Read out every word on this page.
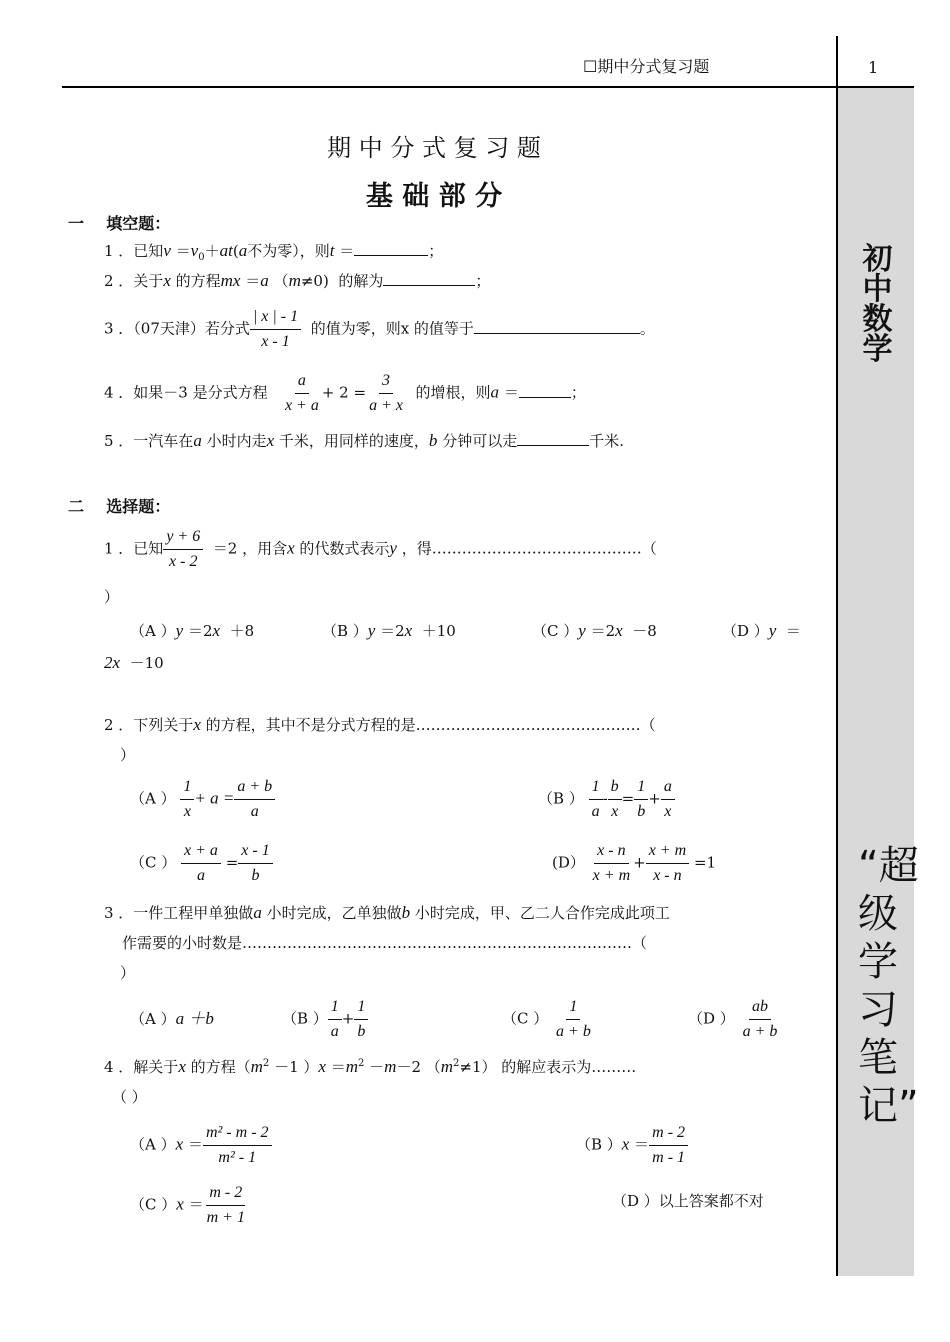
☐期中分式复习题	1
初中数学
“超级学习笔记”
期 中 分 式 复 习 题
基 础 部 分
一 填空题：
1 ．已知$v =v_0+at(a$不为零），则t ＝	；
2 ．关于x 的方程mx ＝a （m≠0) 的解为	；
3 ．（07天津）若分式 $\frac{| x | - 1}{x - 1}$ 的值为零，则x 的值等于	。
4 ．如果－3 是分式方程 $\frac{a}{x + a} + 2 = \frac{3}{a + x}$ 的增根，则a ＝	；
5 ．一汽车在a 小时内走x 千米，用同样的速度，b 分钟可以走	千米.
二 选择题：
1 ．已知 $\frac{y + 6}{x - 2} =2$ ，用含x 的代数式表示y ，得……………………………………（
）
（A ）y ＝2x ＋8	（B ）y ＝2x ＋10	（C ）y ＝2x －8	（D ）y ＝
2x －10
2 ．下列关于x 的方程，其中不是分式方程的是………………………………………（
）
（A ） $\frac{1}{x} + a = \frac{a + b}{a}$	（B ） $\frac{1}{a} - \frac{b}{x} = \frac{1}{b} + \frac{a}{x}$
（C ） $\frac{x + a}{a} = \frac{x - 1}{b}$	$(D) \frac{x - n}{x + m} + \frac{x + m}{x - n} =1$
3 ．一件工程甲单独做a 小时完成，乙单独做b 小时完成，甲、乙二人合作完成此项工
作需要的小时数是……………………………………………………………………（
）
（A ）a ＋b	（B ） $\frac{1}{a} + \frac{1}{b}$	（C ） $\frac{1}{a + b}$	（D ） $\frac{ab}{a + b}$
4 ．解关于x 的方程（$m^2 -1$ ）$x =m^2 -m-2$ $(m^2\ne 1)$ 的解应表示为………
（ ）
（A ）$x = \frac{\text{m² - m - 2}}{\text{m² - 1}}$	（B ）$x = \frac{m - 2}{m - 1}$
（C ）$x = \frac{m - 2}{m + 1}$	（D ）以上答案都不对
